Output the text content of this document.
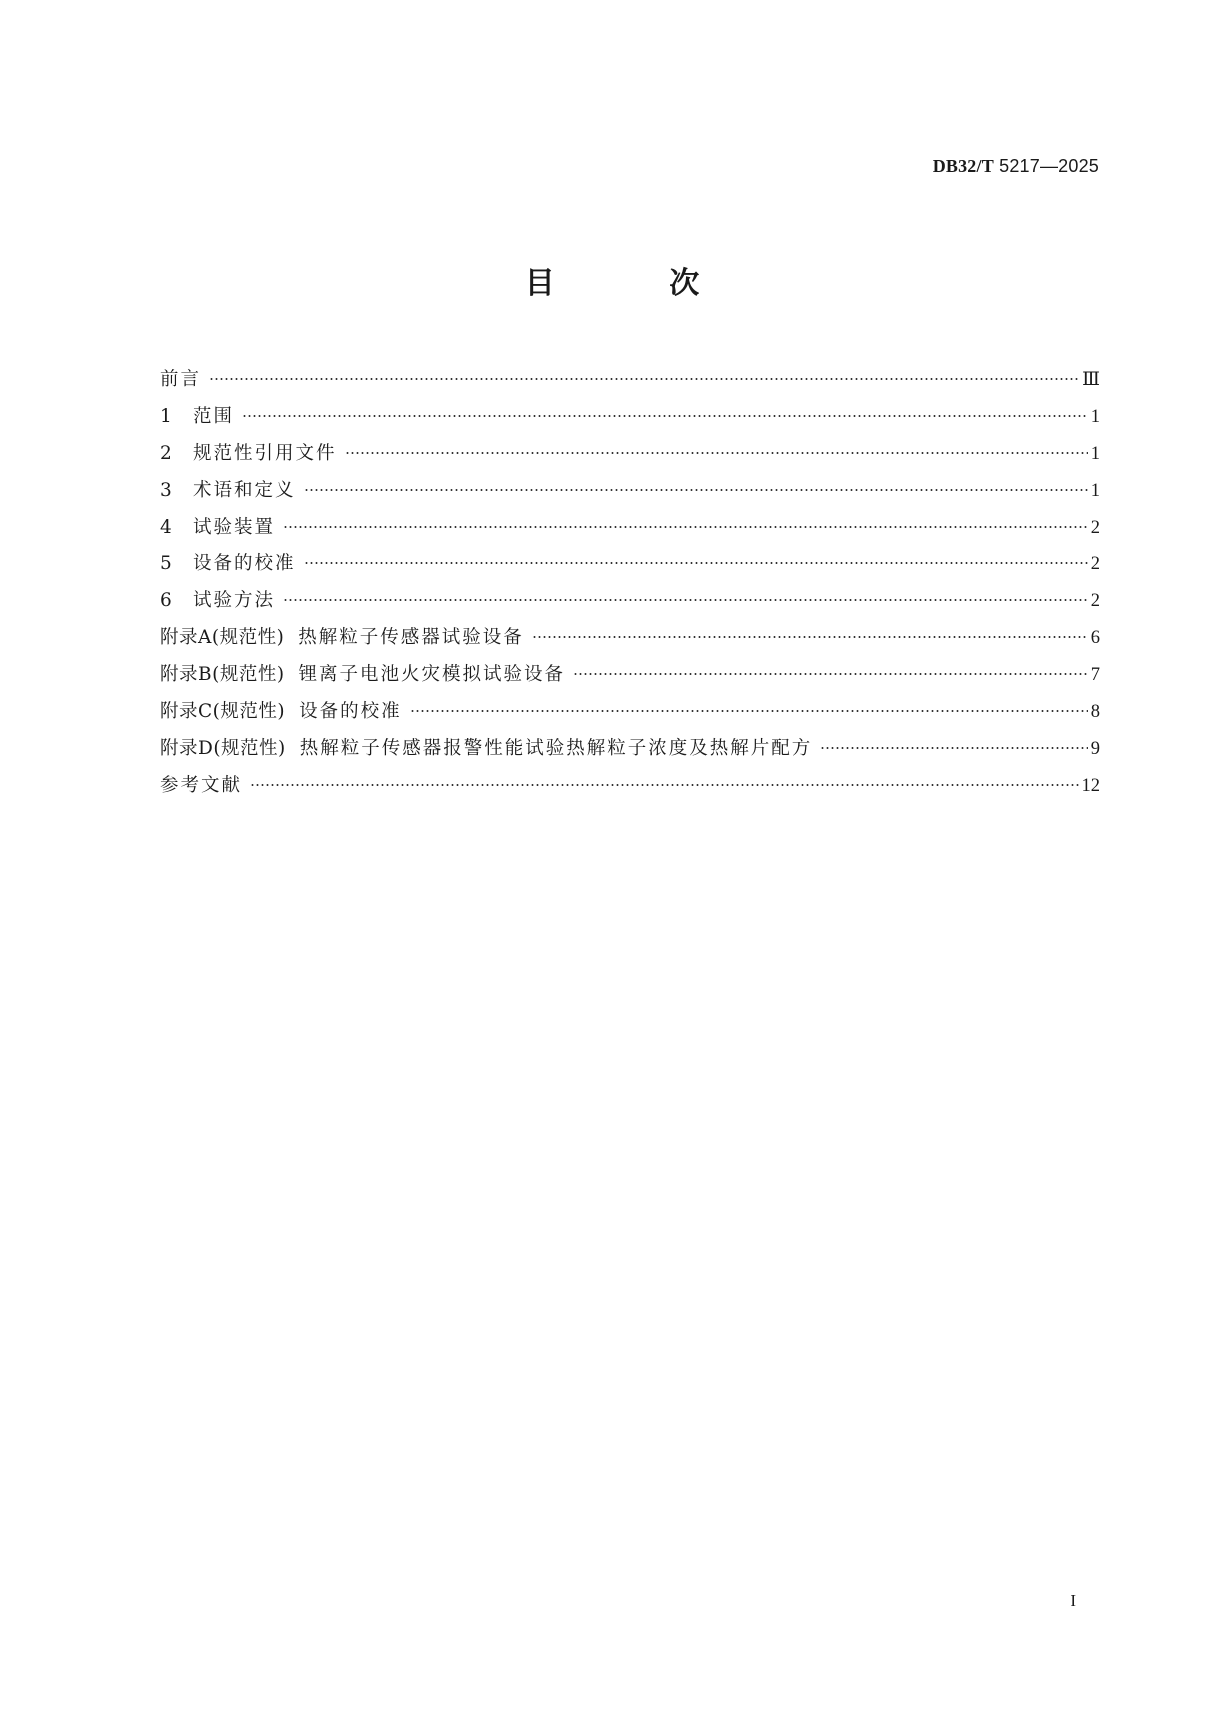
DB32/T 5217—2025
目 次
前言	Ⅲ
1	范围	1
2	规范性引用文件	1
3	术语和定义	1
4	试验装置	2
5	设备的校准	2
6	试验方法	2
附录A(规范性) 热解粒子传感器试验设备	6
附录B(规范性) 锂离子电池火灾模拟试验设备	7
附录C(规范性) 设备的校准	8
附录D(规范性) 热解粒子传感器报警性能试验热解粒子浓度及热解片配方	9
参考文献	12
I
